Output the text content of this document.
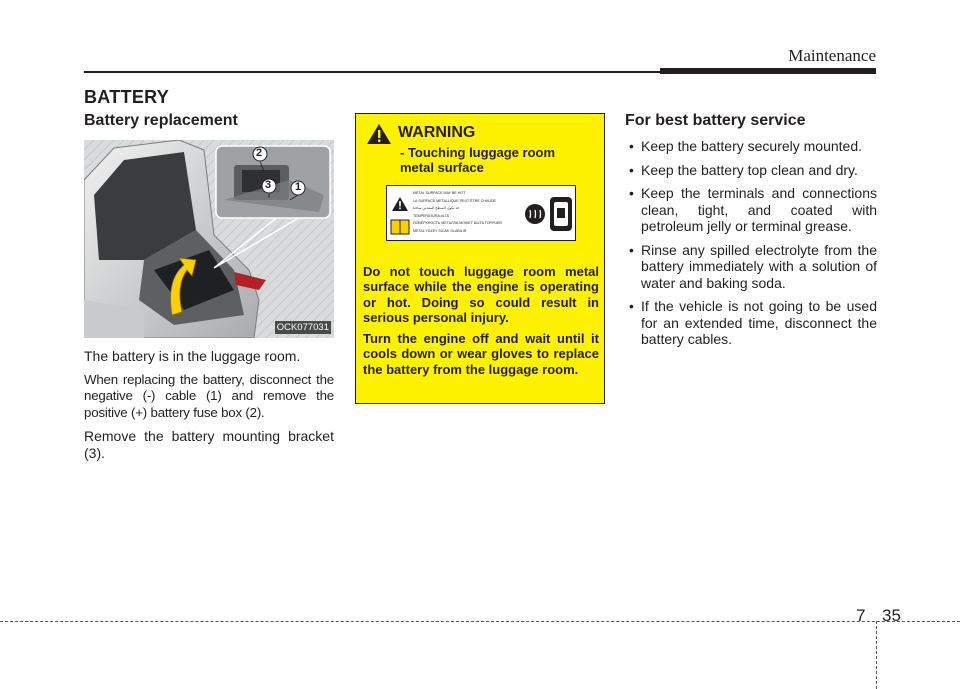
Maintenance
BATTERY
Battery replacement
2
3 1
OCK077031

The battery is in the luggage room.

When replacing the battery, disconnect the negative (-) cable (1) and remove the positive (+) battery fuse box (2).

Remove the battery mounting bracket (3).

WARNING
- Touching luggage room metal surface
METAL SURFACE MAY BE HOT
LA SURFACE METALLIQUE PEUT ÊTRE CHAUDE
قد يكون السطح المعدني ساخنا
TEMPERATURA ALTA
ПОВЕРХНОСТЬ МЕТАЛЛА МОЖЕТ БЫТЬ ГОРЯЧЕЙ
METAL YÜZEY SICAK OLABILIR

Do not touch luggage room metal surface while the engine is operating or hot. Doing so could result in serious personal injury.

Turn the engine off and wait until it cools down or wear gloves to replace the battery from the luggage room.

For best battery service
• Keep the battery securely mounted.
• Keep the battery top clean and dry.
• Keep the terminals and connections clean, tight, and coated with petroleum jelly or terminal grease.
• Rinse any spilled electrolyte from the battery immediately with a solution of water and baking soda.
• If the vehicle is not going to be used for an extended time, disconnect the battery cables.
7 35
